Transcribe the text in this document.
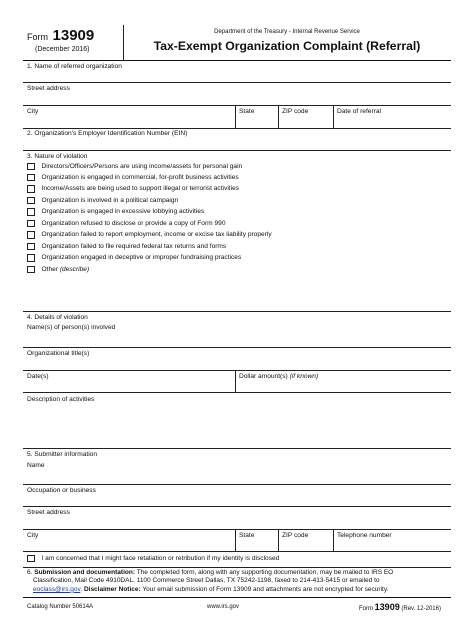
Form 13909
(December 2016)
Department of the Treasury - Internal Revenue Service
Tax-Exempt Organization Complaint (Referral)
1. Name of referred organization
Street address
City	State	ZIP code	Date of referral
2. Organization's Employer Identification Number (EIN)
3. Nature of violation
Directors/Officers/Persons are using income/assets for personal gain
Organization is engaged in commercial, for-profit business activities
Income/Assets are being used to support illegal or terrorist activities
Organization is involved in a political campaign
Organization is engaged in excessive lobbying activities
Organization refused to disclose or provide a copy of Form 990
Organization failed to report employment, income or excise tax liability properly
Organization failed to file required federal tax returns and forms
Organization engaged in deceptive or improper fundraising practices
Other
(describe)
4. Details of violation
Name(s) of person(s) involved
Organizational title(s)
Date(s)	Dollar amount(s) (if known)
Description of activities
5. Submitter information
Name
Occupation or business
Street address
City	State	ZIP code	Telephone number
I am concerned that I might face retaliation or retribution if my identity is disclosed
6. Submission and documentation: The completed form, along with any supporting documentation, may be mailed to IRS EO
Classification, Mail Code 4910DAL, 1100 Commerce Street Dallas, TX 75242-1198, faxed to 214-413-5415 or emailed to
eoclass@irs.gov. Disclaimer Notice: Your email submission of Form 13909 and attachments are not encrypted for security.
Catalog Number 50614A	www.irs.gov	Form 13909 (Rev. 12-2016)
